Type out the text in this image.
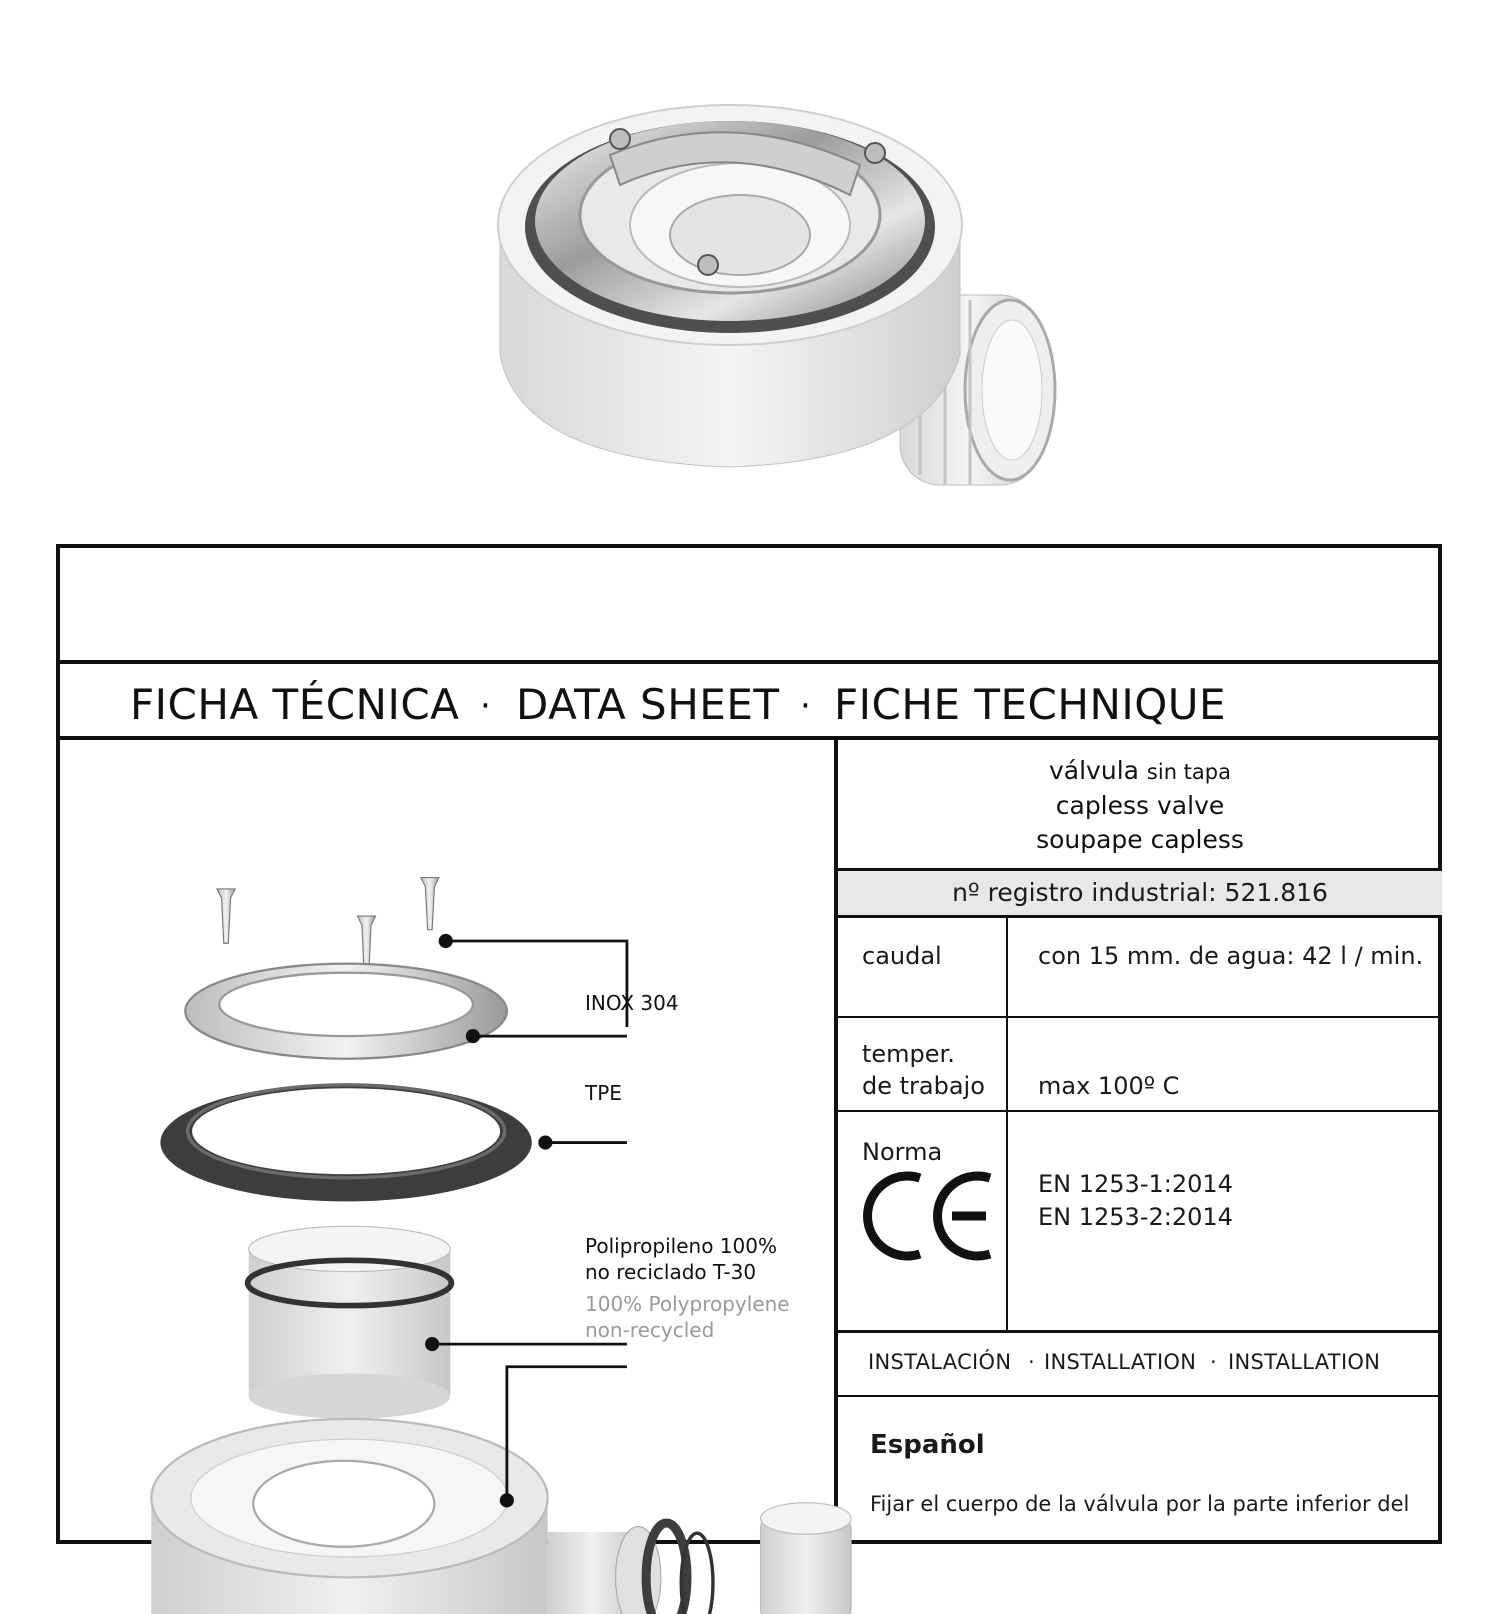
FICHA TÉCNICA · DATA SHEET · FICHE TECHNIQUE
válvula sin tapa
capless valve
soupape capless
nº registro industrial: 521.816
caudal	con 15 mm. de agua: 42 l / min.
temper.
de trabajo max 100º C
Norma
EN 1253-1:2014
EN 1253-2:2014
INSTALACIÓN · INSTALLATION · INSTALLATION
Español
Fijar el cuerpo de la válvula por la parte inferior del
INOX 304
TPE
Polipropileno 100%
no reciclado T-30
100% Polypropylene
non-recycled
